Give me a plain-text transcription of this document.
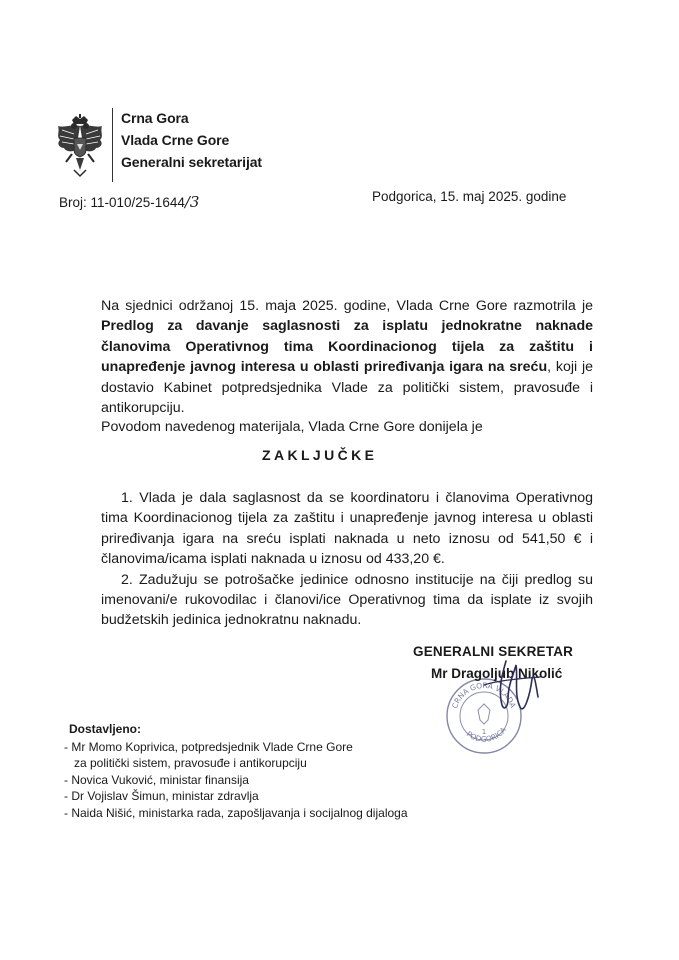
Crna Gora
Vlada Crne Gore
Generalni sekretarijat
Broj: 11-010/25-1644/3	Podgorica, 15. maj 2025. godine
Na sjednici održanoj 15. maja 2025. godine, Vlada Crne Gore razmotrila je Predlog za davanje saglasnosti za isplatu jednokratne naknade članovima Operativnog tima Koordinacionog tijela za zaštitu i unapređenje javnog interesa u oblasti priređivanja igara na sreću, koji je dostavio Kabinet potpredsjednika Vlade za politički sistem, pravosuđe i antikorupciju.
Povodom navedenog materijala, Vlada Crne Gore donijela je
ZAKLJUČKE

1. Vlada je dala saglasnost da se koordinatoru i članovima Operativnog tima Koordinacionog tijela za zaštitu i unapređenje javnog interesa u oblasti priređivanja igara na sreću isplati naknada u neto iznosu od 541,50 € i članovima/icama isplati naknada u iznosu od 433,20 €.

2. Zadužuju se potrošačke jedinice odnosno institucije na čiji predlog su imenovani/e rukovodilac i članovi/ice Operativnog tima da isplate iz svojih budžetskih jedinica jednokratnu naknadu.

CRNA GORA VLADA
PODGORICA
1
GENERALNI SEKRETAR
Mr Dragoljub Nikolić
Dostavljeno:
- Mr Momo Koprivica, potpredsjednik Vlade Crne Gore
za politički sistem, pravosuđe i antikorupciju
- Novica Vuković, ministar finansija
- Dr Vojislav Šimun, ministar zdravlja
- Naida Nišić, ministarka rada, zapošljavanja i socijalnog dijaloga
